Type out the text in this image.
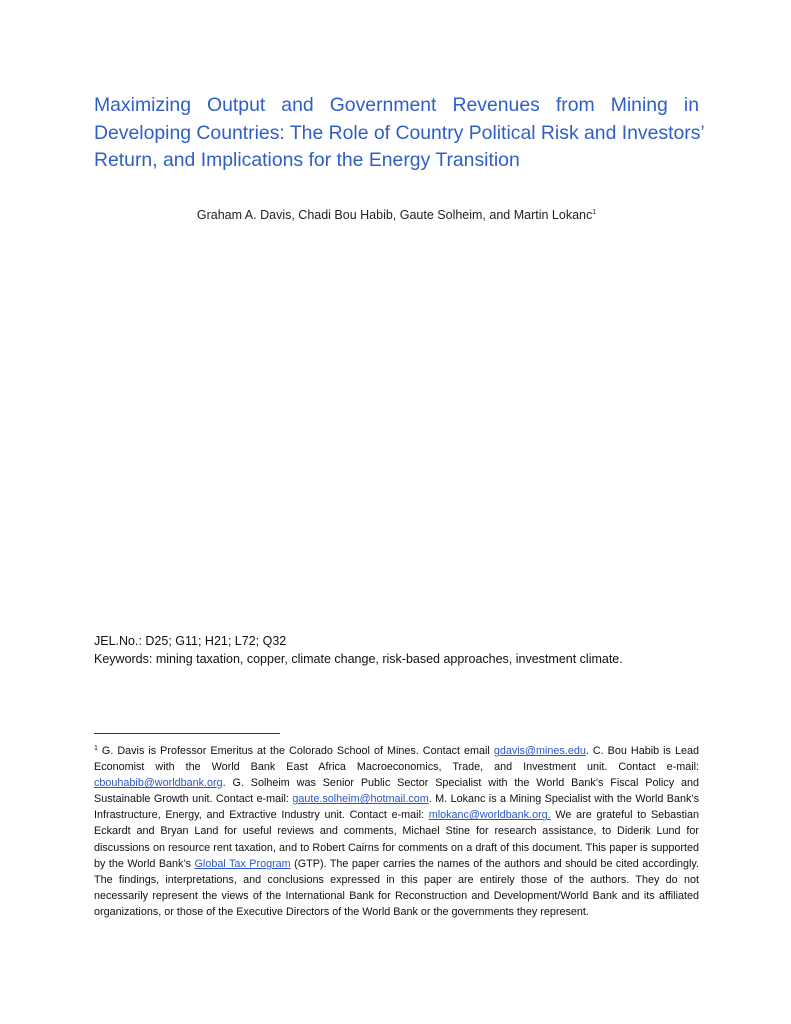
Maximizing Output and Government Revenues from Mining in
Developing Countries: The Role of Country Political Risk and Investors’
Return, and Implications for the Energy Transition
Graham A. Davis, Chadi Bou Habib, Gaute Solheim, and Martin Lokanc$^1$
JEL.No.: D25; G11; H21; L72; Q32
Keywords: mining taxation, copper, climate change, risk-based approaches, investment climate.
$^1$ G. Davis is Professor Emeritus at the Colorado School of Mines. Contact email gdavis@mines.edu. C. Bou Habib is Lead Economist with the World Bank East Africa Macroeconomics, Trade, and Investment unit. Contact e-mail: cbouhabib@worldbank.org. G. Solheim was Senior Public Sector Specialist with the World Bank’s Fiscal Policy and Sustainable Growth unit. Contact e-mail: gaute.solheim@hotmail.com. M. Lokanc is a Mining Specialist with the World Bank’s Infrastructure, Energy, and Extractive Industry unit. Contact e-mail: mlokanc@worldbank.org. We are grateful to Sebastian Eckardt and Bryan Land for useful reviews and comments, Michael Stine for research assistance, to Diderik Lund for discussions on resource rent taxation, and to Robert Cairns for comments on a draft of this document. This paper is supported by the World Bank’s Global Tax Program (GTP). The paper carries the names of the authors and should be cited accordingly. The findings, interpretations, and conclusions expressed in this paper are entirely those of the authors. They do not necessarily represent the views of the International Bank for Reconstruction and Development/World Bank and its affiliated organizations, or those of the Executive Directors of the World Bank or the governments they represent.
